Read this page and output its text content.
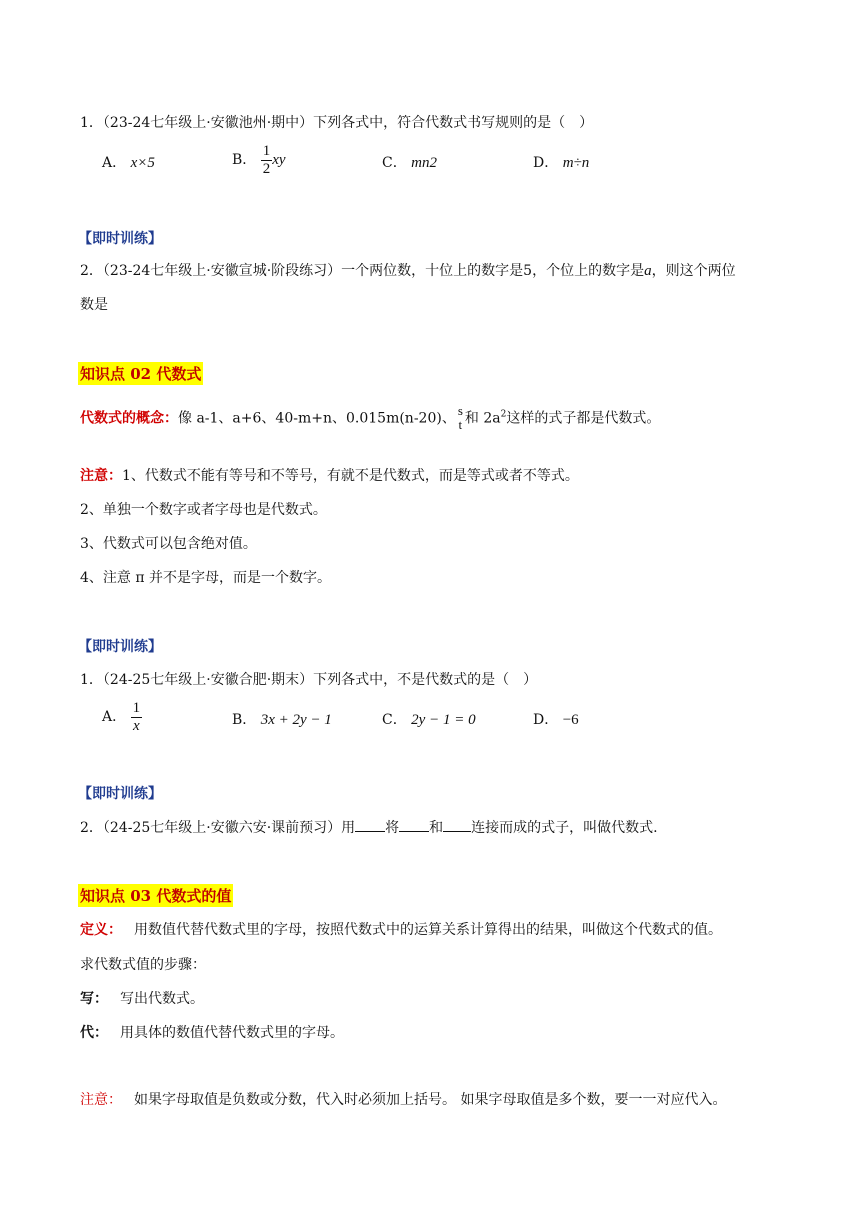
1．（23-24七年级上·安徽池州·期中）下列各式中，符合代数式书写规则的是（　）
A． x×5	B． $\frac{1}{2}$ xy	C． mn2	D． m÷n
【即时训练】
2．（23-24七年级上·安徽宣城·阶段练习）一个两位数，十位上的数字是5，个位上的数字是a，则这个两位
数是
知识点 02 代数式
代数式的概念：像 a-1、a+6、40-m+n、0.015m(n-20)、 s
t 和 $2a^2$这样的式子都是代数式。
注意：1、代数式不能有等号和不等号，有就不是代数式，而是等式或者不等式。
2、单独一个数字或者字母也是代数式。
3、代数式可以包含绝对值。
4、注意 π 并不是字母，而是一个数字。
【即时训练】
1．（24-25七年级上·安徽合肥·期末）下列各式中，不是代数式的是（　）
A． $\frac{1}{x}$	B． 3x + 2y − 1	C． 2y − 1 = 0	D． −6
【即时训练】
2．（24-25七年级上·安徽六安·课前预习）用 将 和 连接而成的式子，叫做代数式.
知识点 03 代数式的值
定义： 用数值代替代数式里的字母，按照代数式中的运算关系计算得出的结果，叫做这个代数式的值。
求代数式值的步骤：
写： 写出代数式。
代： 用具体的数值代替代数式里的字母。
注意： 如果字母取值是负数或分数，代入时必须加上括号。 如果字母取值是多个数，要一一对应代入。
